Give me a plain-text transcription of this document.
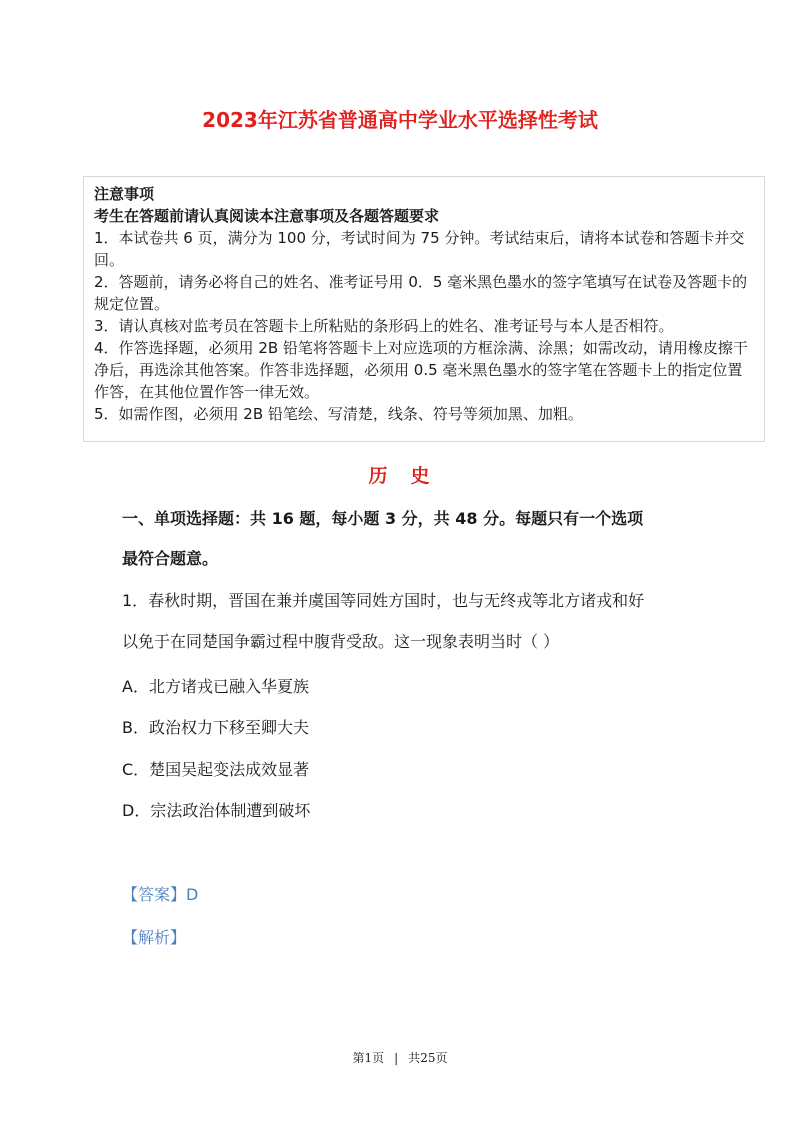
2023年江苏省普通高中学业水平选择性考试

注意事项

考生在答题前请认真阅读本注意事项及各题答题要求

1．本试卷共 6 页，满分为 100 分，考试时间为 75 分钟。考试结束后，请将本试卷和答题卡并交回。

2．答题前，请务必将自己的姓名、准考证号用 0．5 毫米黑色墨水的签字笔填写在试卷及答题卡的规定位置。

3．请认真核对监考员在答题卡上所粘贴的条形码上的姓名、准考证号与本人是否相符。

4．作答选择题，必须用 2B 铅笔将答题卡上对应选项的方框涂满、涂黑；如需改动，请用橡皮擦干净后，再选涂其他答案。作答非选择题，必须用 0.5 毫米黑色墨水的签字笔在答题卡上的指定位置作答，在其他位置作答一律无效。

5．如需作图，必须用 2B 铅笔绘、写清楚，线条、符号等须加黑、加粗。

历　史

一、单项选择题：共 16 题，每小题 3 分，共 48 分。每题只有一个选项

最符合题意。

1．春秋时期，晋国在兼并虞国等同姓方国时，也与无终戎等北方诸戎和好

以免于在同楚国争霸过程中腹背受敌。这一现象表明当时（ ）

A．北方诸戎已融入华夏族

B．政治权力下移至卿大夫

C．楚国吴起变法成效显著

D．宗法政治体制遭到破坏

【答案】D

【解析】

第1页 | 共25页
